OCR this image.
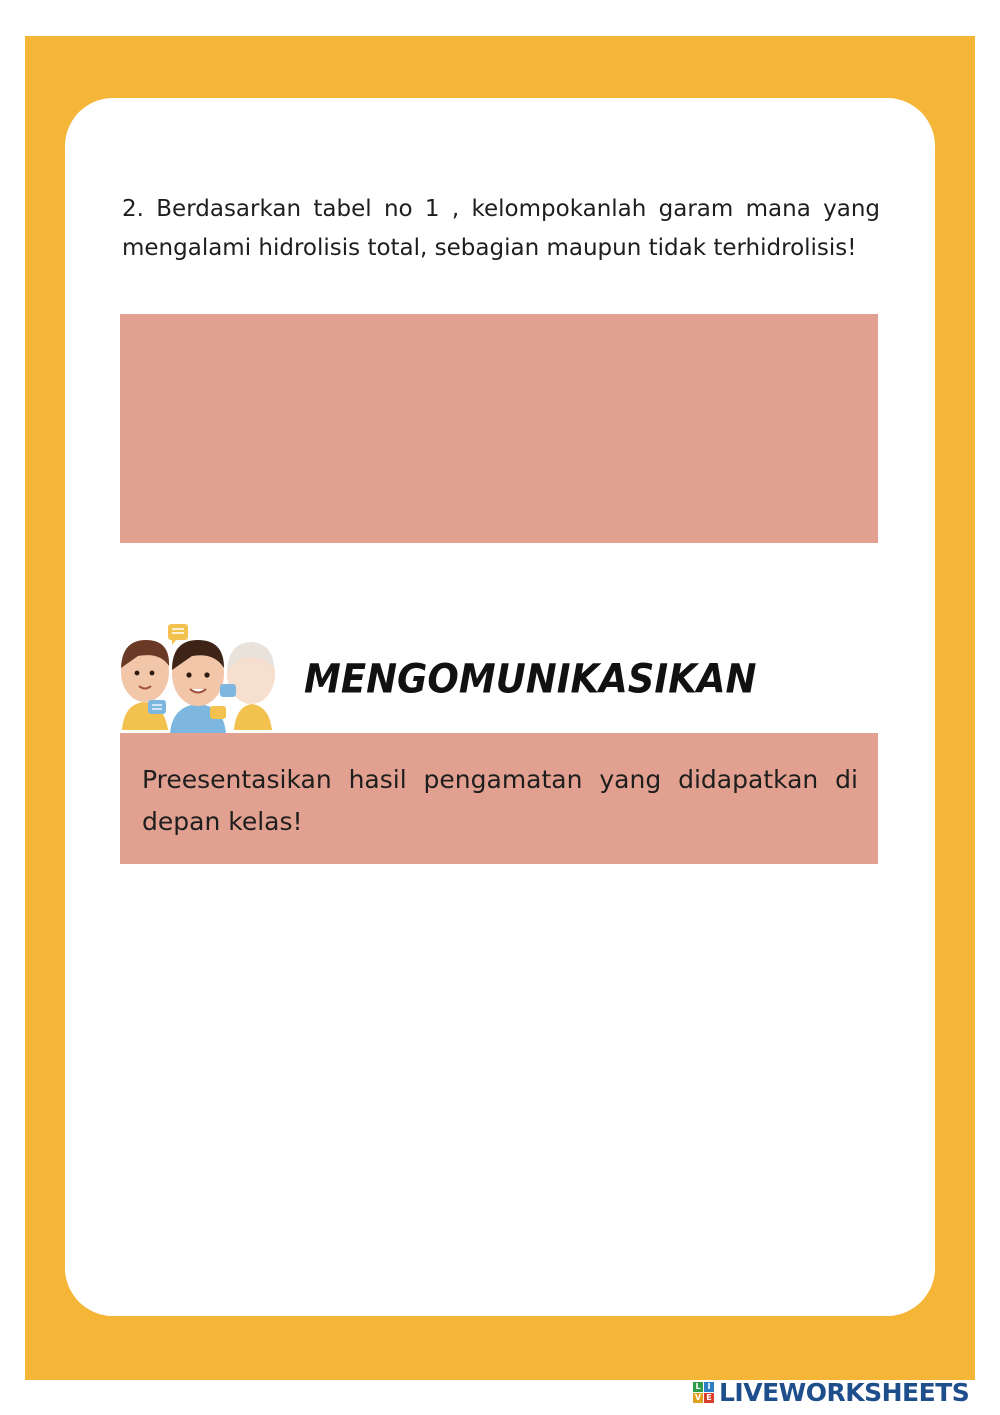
2. Berdasarkan tabel no 1 , kelompokanlah garam mana yang mengalami hidrolisis total, sebagian maupun tidak terhidrolisis!

MENGOMUNIKASIKAN

Preesentasikan hasil pengamatan yang didapatkan di depan kelas!

L I
V E LIVEWORKSHEETS
